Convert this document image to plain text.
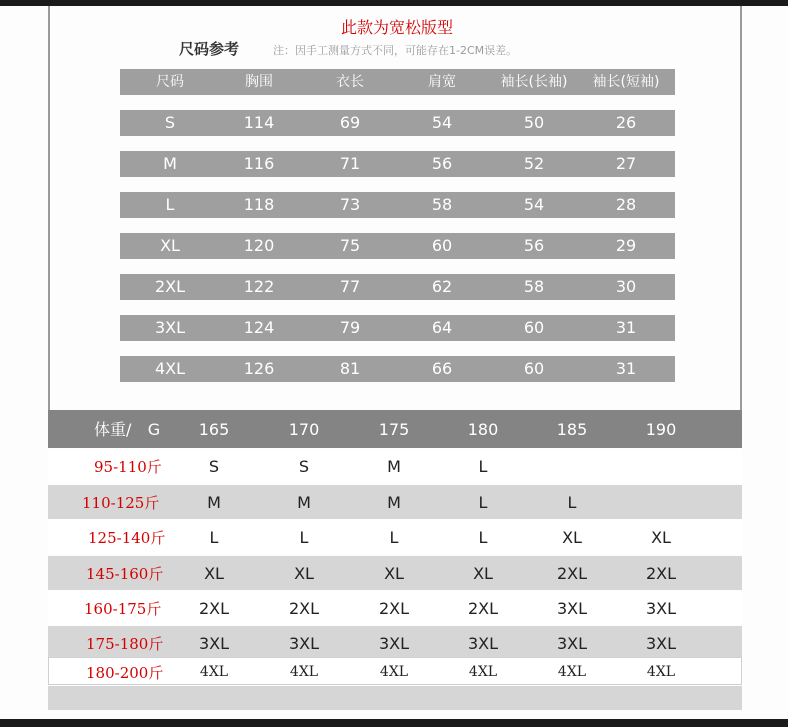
此款为宽松版型
尺码参考	注：因手工测量方式不同，可能存在1-2CM误差。
尺码	胸围	衣长	肩宽	袖长(长袖)	袖长(短袖)
S	114	69	54	50	26
M	116	71	56	52	27
L	118	73	58	54	28
XL	120	75	60	56	29
2XL	122	77	62	58	30
3XL	124	79	64	60	31
4XL	126	81	66	60	31
体重/ G	165	170	175	180	185	190
95-110斤	S	S	M	L
110-125斤	M	M	M	L	L
125-140斤	L	L	L	L	XL	XL
145-160斤	XL	XL	XL	XL	2XL	2XL
160-175斤	2XL	2XL	2XL	2XL	3XL	3XL
175-180斤	3XL	3XL	3XL	3XL	3XL	3XL
180-200斤	4XL	4XL	4XL	4XL	4XL	4XL
